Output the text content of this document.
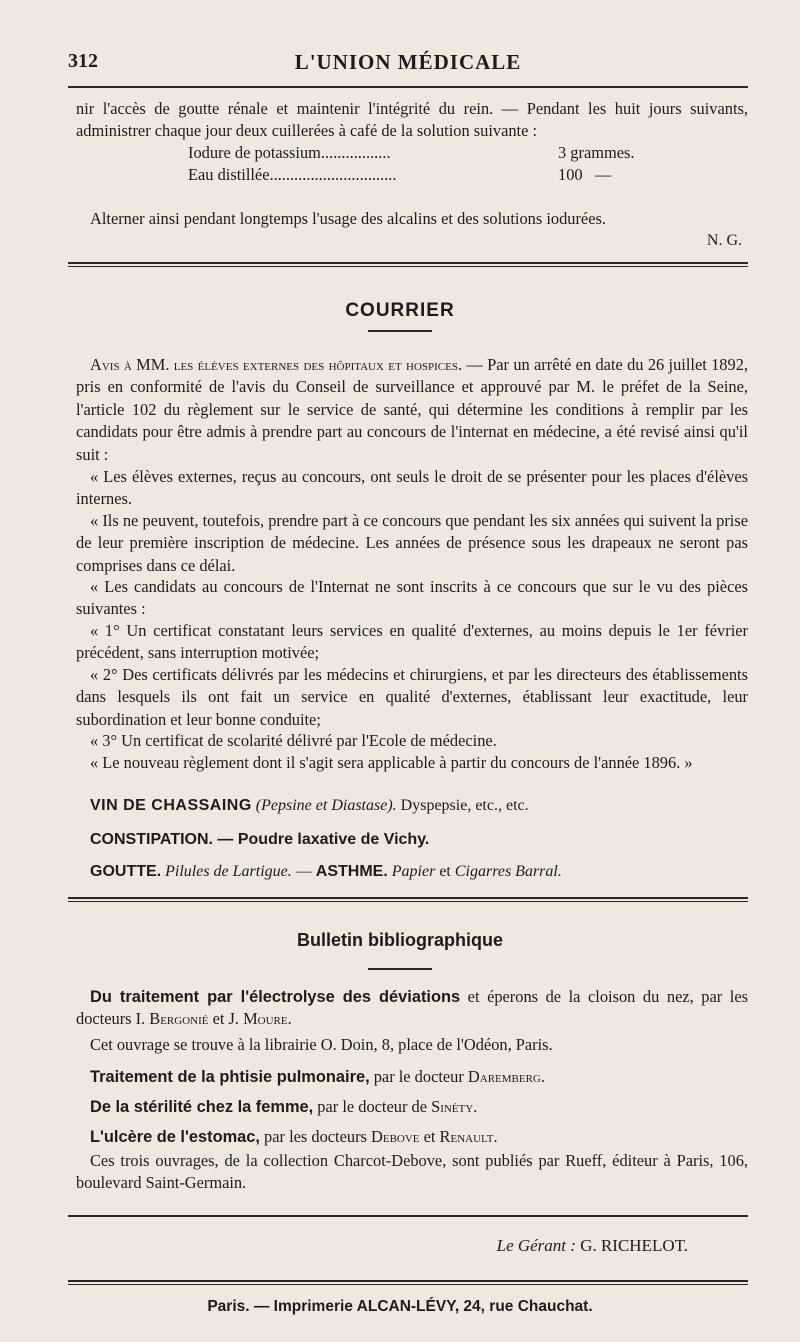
312	L'UNION MÉDICALE

nir l'accès de goutte rénale et maintenir l'intégrité du rein. — Pendant les huit jours suivants, administrer chaque jour deux cuillerées à café de la solution suivante :

Iodure de potassium.................	3 grammes.
Eau distillée...............................	100   —

Alterner ainsi pendant longtemps l'usage des alcalins et des solutions iodurées.

N. G.
COURRIER

Avis à MM. les élèves externes des hôpitaux et hospices. — Par un arrêté en date du 26 juillet 1892, pris en conformité de l'avis du Conseil de surveillance et approuvé par M. le préfet de la Seine, l'article 102 du règlement sur le service de santé, qui détermine les conditions à remplir par les candidats pour être admis à prendre part au concours de l'internat en médecine, a été revisé ainsi qu'il suit :

« Les élèves externes, reçus au concours, ont seuls le droit de se présenter pour les places d'élèves internes.

« Ils ne peuvent, toutefois, prendre part à ce concours que pendant les six années qui suivent la prise de leur première inscription de médecine. Les années de présence sous les drapeaux ne seront pas comprises dans ce délai.

« Les candidats au concours de l'Internat ne sont inscrits à ce concours que sur le vu des pièces suivantes :

« 1° Un certificat constatant leurs services en qualité d'externes, au moins depuis le 1er février précédent, sans interruption motivée;

« 2° Des certificats délivrés par les médecins et chirurgiens, et par les directeurs des établissements dans lesquels ils ont fait un service en qualité d'externes, établissant leur exactitude, leur subordination et leur bonne conduite;

« 3° Un certificat de scolarité délivré par l'Ecole de médecine.

« Le nouveau règlement dont il s'agit sera applicable à partir du concours de l'année 1896. »

VIN DE CHASSAING (Pepsine et Diastase). Dyspepsie, etc., etc.
CONSTIPATION. — Poudre laxative de Vichy.
GOUTTE. Pilules de Lartigue. — ASTHME. Papier et Cigarres Barral.
Bulletin bibliographique

Du traitement par l'électrolyse des déviations et éperons de la cloison du nez, par les docteurs I. Bergonié et J. Moure.

Cet ouvrage se trouve à la librairie O. Doin, 8, place de l'Odéon, Paris.

Traitement de la phtisie pulmonaire, par le docteur Daremberg.

De la stérilité chez la femme, par le docteur de Sinéty.

L'ulcère de l'estomac, par les docteurs Debove et Renault.

Ces trois ouvrages, de la collection Charcot-Debove, sont publiés par Rueff, éditeur à Paris, 106, boulevard Saint-Germain.

Le Gérant : G. RICHELOT.
Paris. — Imprimerie ALCAN-LÉVY, 24, rue Chauchat.
